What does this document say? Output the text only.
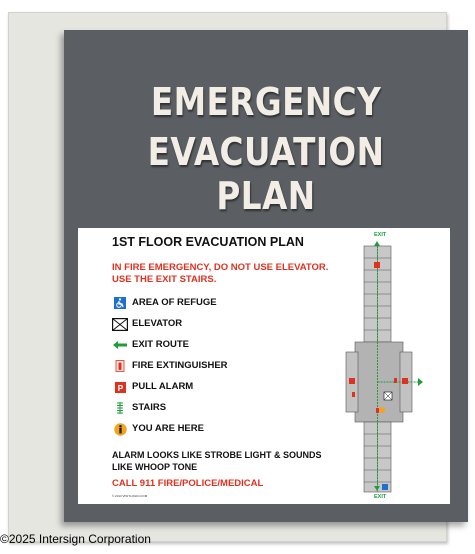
EMERGENCY
EVACUATION PLAN
1ST FLOOR EVACUATION PLAN
IN FIRE EMERGENCY, DO NOT USE ELEVATOR. USE THE EXIT STAIRS.
AREA OF REFUGE
ELEVATOR
EXIT ROUTE
FIRE EXTINGUISHER
P PULL ALARM
STAIRS
YOU ARE HERE
ALARM LOOKS LIKE STROBE LIGHT & SOUNDS LIKE WHOOP TONE
CALL 911 FIRE/POLICE/MEDICAL
© 2013 VISITLOGIN.COM
EXIT
EXIT
©2025 Intersign Corporation
